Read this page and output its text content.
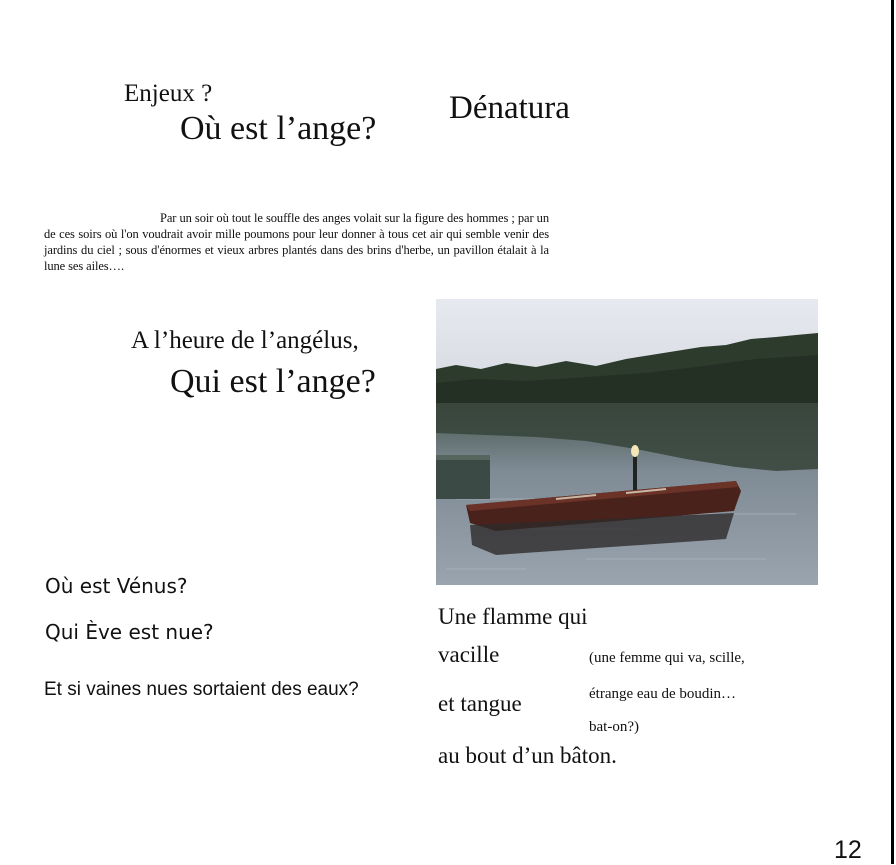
Enjeux ?
Où est l’ange?
Dénatura
Par un soir où tout le souffle des anges volait sur la figure des hommes ; par un de ces soirs où l'on voudrait avoir mille poumons pour leur donner à tous cet air qui semble venir des jardins du ciel ; sous d'énormes et vieux arbres plantés dans des brins d'herbe, un pavillon étalait à la lune ses ailes….
A l’heure de l’angélus,
Qui est l’ange?
Où est Vénus?
Qui Ève est nue?
Et si vaines nues sortaient des eaux?
Une flamme qui
vacille
et tangue
au bout d’un bâton.
(une femme qui va, scille,
étrange eau de boudin…
bat-on?)
12
